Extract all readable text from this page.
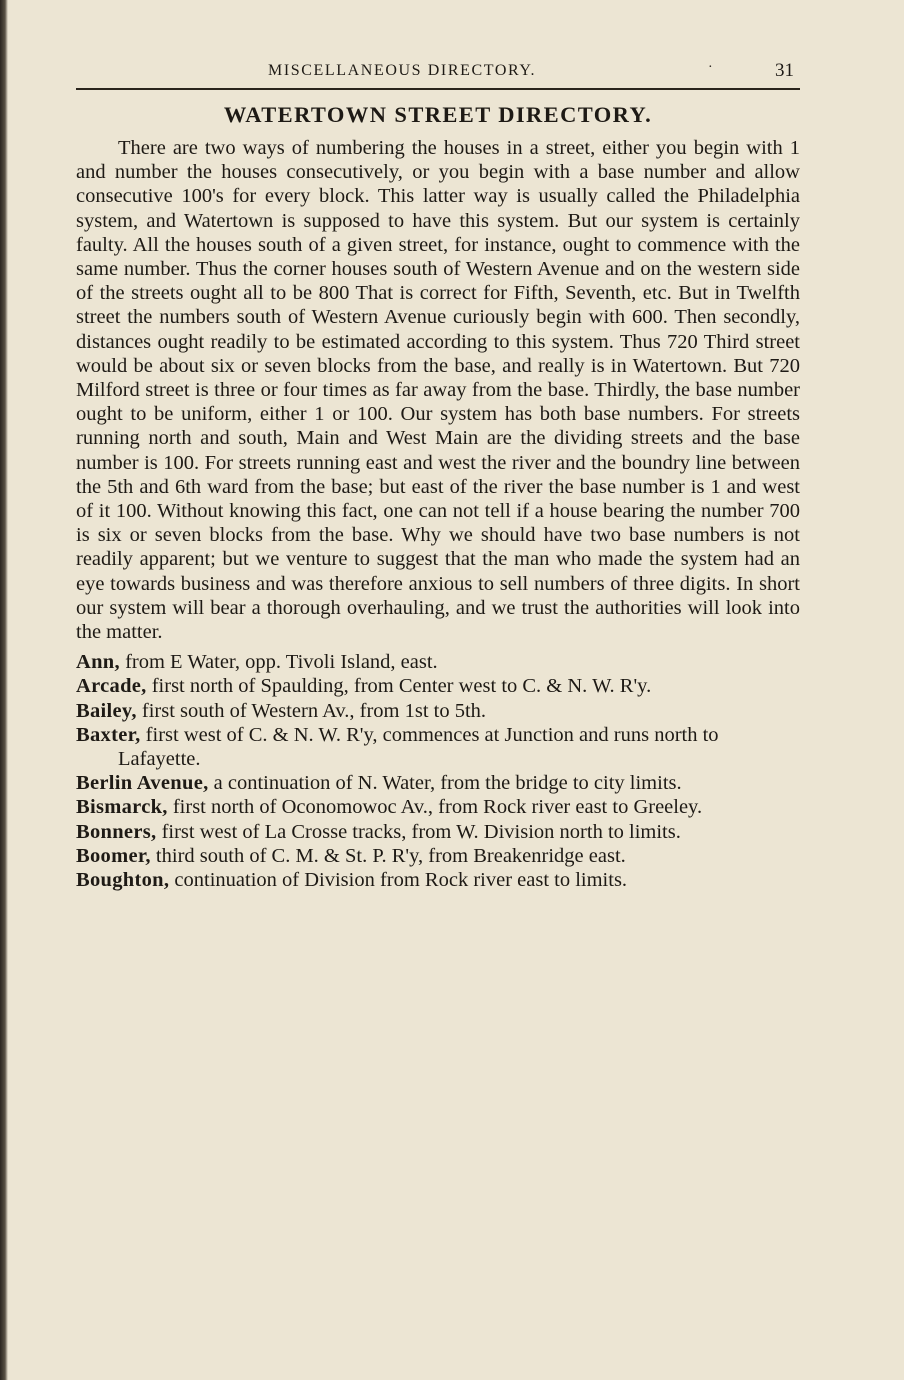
MISCELLANEOUS DIRECTORY.	·	31
WATERTOWN STREET DIRECTORY.

There are two ways of numbering the houses in a street, either you begin with 1 and number the houses consecutively, or you begin with a base number and allow consecutive 100's for every block. This latter way is usually called the Philadelphia system, and Watertown is supposed to have this system. But our system is certainly faulty. All the houses south of a given street, for instance, ought to commence with the same number. Thus the corner houses south of Western Avenue and on the western side of the streets ought all to be 800 That is correct for Fifth, Seventh, etc. But in Twelfth street the numbers south of Western Avenue curiously begin with 600. Then secondly, distances ought readily to be estimated according to this system. Thus 720 Third street would be about six or seven blocks from the base, and really is in Watertown. But 720 Milford street is three or four times as far away from the base. Thirdly, the base number ought to be uniform, either 1 or 100. Our system has both base numbers. For streets running north and south, Main and West Main are the dividing streets and the base number is 100. For streets running east and west the river and the boundry line between the 5th and 6th ward from the base; but east of the river the base number is 1 and west of it 100. Without knowing this fact, one can not tell if a house bearing the number 700 is six or seven blocks from the base. Why we should have two base numbers is not readily apparent; but we venture to suggest that the man who made the system had an eye towards business and was therefore anxious to sell numbers of three digits. In short our system will bear a thorough overhauling, and we trust the authorities will look into the matter.

Ann, from E Water, opp. Tivoli Island, east.
Arcade, first north of Spaulding, from Center west to C. & N. W. R'y.
Bailey, first south of Western Av., from 1st to 5th.
Baxter, first west of C. & N. W. R'y, commences at Junction and runs north to Lafayette.
Berlin Avenue, a continuation of N. Water, from the bridge to city limits.
Bismarck, first north of Oconomowoc Av., from Rock river east to Greeley.
Bonners, first west of La Crosse tracks, from W. Division north to limits.
Boomer, third south of C. M. & St. P. R'y, from Breakenridge east.
Boughton, continuation of Division from Rock river east to limits.
